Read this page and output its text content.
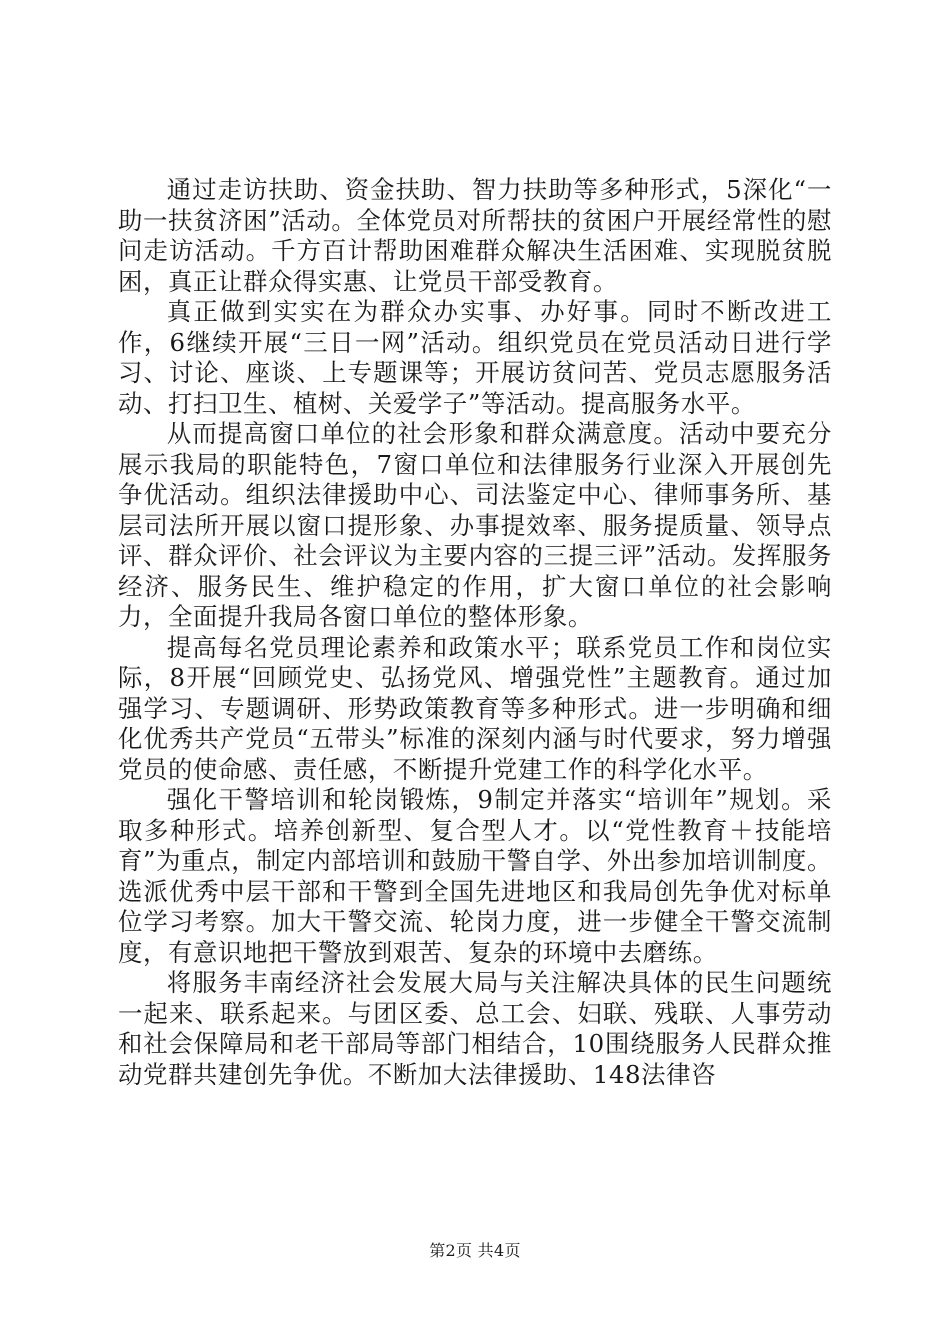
通过走访扶助、资金扶助、智力扶助等多种形式，5深化“一助一扶贫济困”活动。全体党员对所帮扶的贫困户开展经常性的慰问走访活动。千方百计帮助困难群众解决生活困难、实现脱贫脱困，真正让群众得实惠、让党员干部受教育。

真正做到实实在为群众办实事、办好事。同时不断改进工作，6继续开展“三日一网”活动。组织党员在党员活动日进行学习、讨论、座谈、上专题课等；开展访贫问苦、党员志愿服务活动、打扫卫生、植树、关爱学子”等活动。提高服务水平。

从而提高窗口单位的社会形象和群众满意度。活动中要充分展示我局的职能特色，7窗口单位和法律服务行业深入开展创先争优活动。组织法律援助中心、司法鉴定中心、律师事务所、基层司法所开展以窗口提形象、办事提效率、服务提质量、领导点评、群众评价、社会评议为主要内容的三提三评”活动。发挥服务经济、服务民生、维护稳定的作用，扩大窗口单位的社会影响力，全面提升我局各窗口单位的整体形象。

提高每名党员理论素养和政策水平；联系党员工作和岗位实际，8开展“回顾党史、弘扬党风、增强党性”主题教育。通过加强学习、专题调研、形势政策教育等多种形式。进一步明确和细化优秀共产党员“五带头”标准的深刻内涵与时代要求，努力增强党员的使命感、责任感，不断提升党建工作的科学化水平。

强化干警培训和轮岗锻炼，9制定并落实“培训年”规划。采取多种形式。培养创新型、复合型人才。以“党性教育＋技能培育”为重点，制定内部培训和鼓励干警自学、外出参加培训制度。选派优秀中层干部和干警到全国先进地区和我局创先争优对标单位学习考察。加大干警交流、轮岗力度，进一步健全干警交流制度，有意识地把干警放到艰苦、复杂的环境中去磨练。

将服务丰南经济社会发展大局与关注解决具体的民生问题统一起来、联系起来。与团区委、总工会、妇联、残联、人事劳动和社会保障局和老干部局等部门相结合，10围绕服务人民群众推动党群共建创先争优。不断加大法律援助、148法律咨

第2页 共4页
